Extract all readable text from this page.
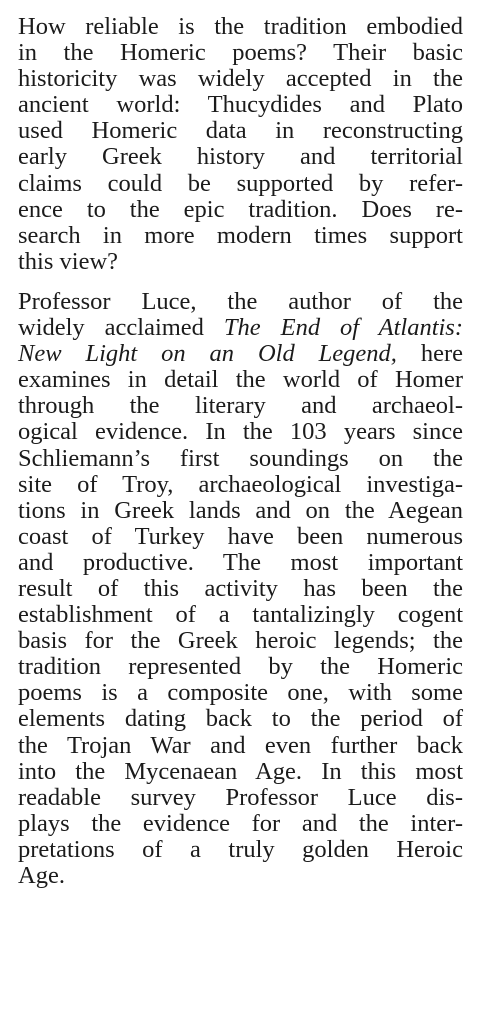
How reliable is the tradition embodied
in the Homeric poems? Their basic
historicity was widely accepted in the
ancient world: Thucydides and Plato
used Homeric data in reconstructing
early Greek history and territorial
claims could be supported by refer-
ence to the epic tradition. Does re-
search in more modern times support
this view?

Professor Luce, the author of the
widely acclaimed The End of Atlantis:
New Light on an Old Legend, here
examines in detail the world of Homer
through the literary and archaeol-
ogical evidence. In the 103 years since
Schliemann’s first soundings on the
site of Troy, archaeological investiga-
tions in Greek lands and on the Aegean
coast of Turkey have been numerous
and productive. The most important
result of this activity has been the
establishment of a tantalizingly cogent
basis for the Greek heroic legends; the
tradition represented by the Homeric
poems is a composite one, with some
elements dating back to the period of
the Trojan War and even further back
into the Mycenaean Age. In this most
readable survey Professor Luce dis-
plays the evidence for and the inter-
pretations of a truly golden Heroic
Age.
